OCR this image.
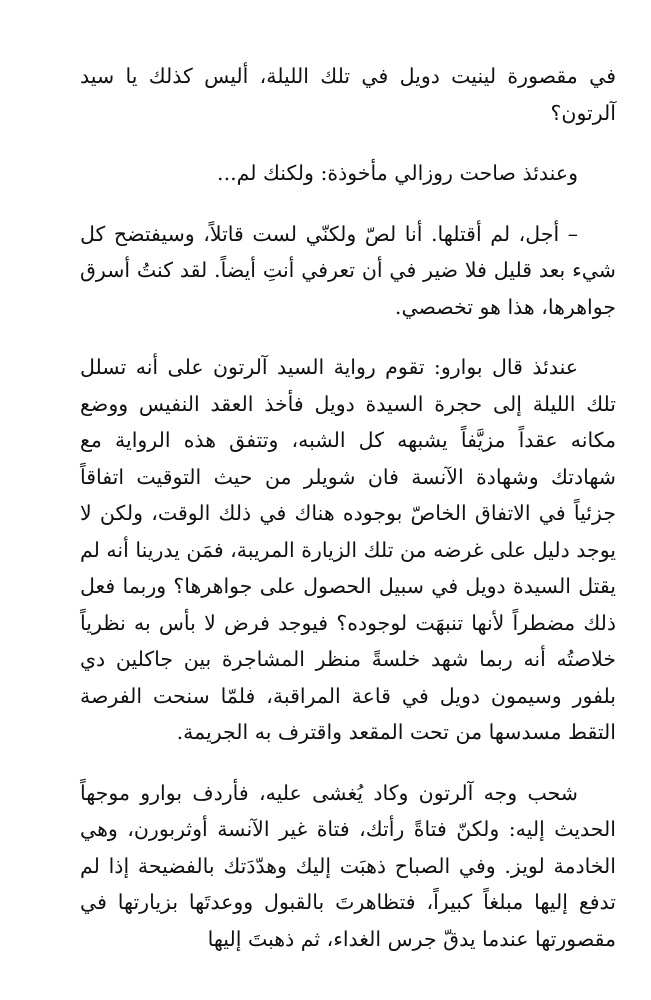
في مقصورة لينيت دويل في تلك الليلة، أليس كذلك يا سيد آلرتون؟

وعندئذ صاحت روزالي مأخوذة: ولكنك لم...

– أجل، لم أقتلها. أنا لصّ ولكنّي لست قاتلاً، وسيفتضح كل شيء بعد قليل فلا ضير في أن تعرفي أنتِ أيضاً. لقد كنتُ أسرق جواهرها، هذا هو تخصصي.

عندئذ قال بوارو: تقوم رواية السيد آلرتون على أنه تسلل تلك الليلة إلى حجرة السيدة دويل فأخذ العقد النفيس ووضع مكانه عقداً مزيَّفاً يشبهه كل الشبه، وتتفق هذه الرواية مع شهادتك وشهادة الآنسة فان شويلر من حيث التوقيت اتفاقاً جزئياً في الاتفاق الخاصّ بوجوده هناك في ذلك الوقت، ولكن لا يوجد دليل على غرضه من تلك الزيارة المريبة، فمَن يدرينا أنه لم يقتل السيدة دويل في سبيل الحصول على جواهرها؟ وربما فعل ذلك مضطراً لأنها تنبهَت لوجوده؟ فيوجد فرض لا بأس به نظرياً خلاصتُه أنه ربما شهد خلسةً منظر المشاجرة بين جاكلين دي بلفور وسيمون دويل في قاعة المراقبة، فلمّا سنحت الفرصة التقط مسدسها من تحت المقعد واقترف به الجريمة.

شحب وجه آلرتون وكاد يُغشى عليه، فأردف بوارو موجهاً الحديث إليه: ولكنّ فتاةً رأتك، فتاة غير الآنسة أوثربورن، وهي الخادمة لويز. وفي الصباح ذهبَت إليك وهدّدَتك بالفضيحة إذا لم تدفع إليها مبلغاً كبيراً، فتظاهرتَ بالقبول ووعدتَها بزيارتها في مقصورتها عندما يدقّ جرس الغداء، ثم ذهبتَ إليها
